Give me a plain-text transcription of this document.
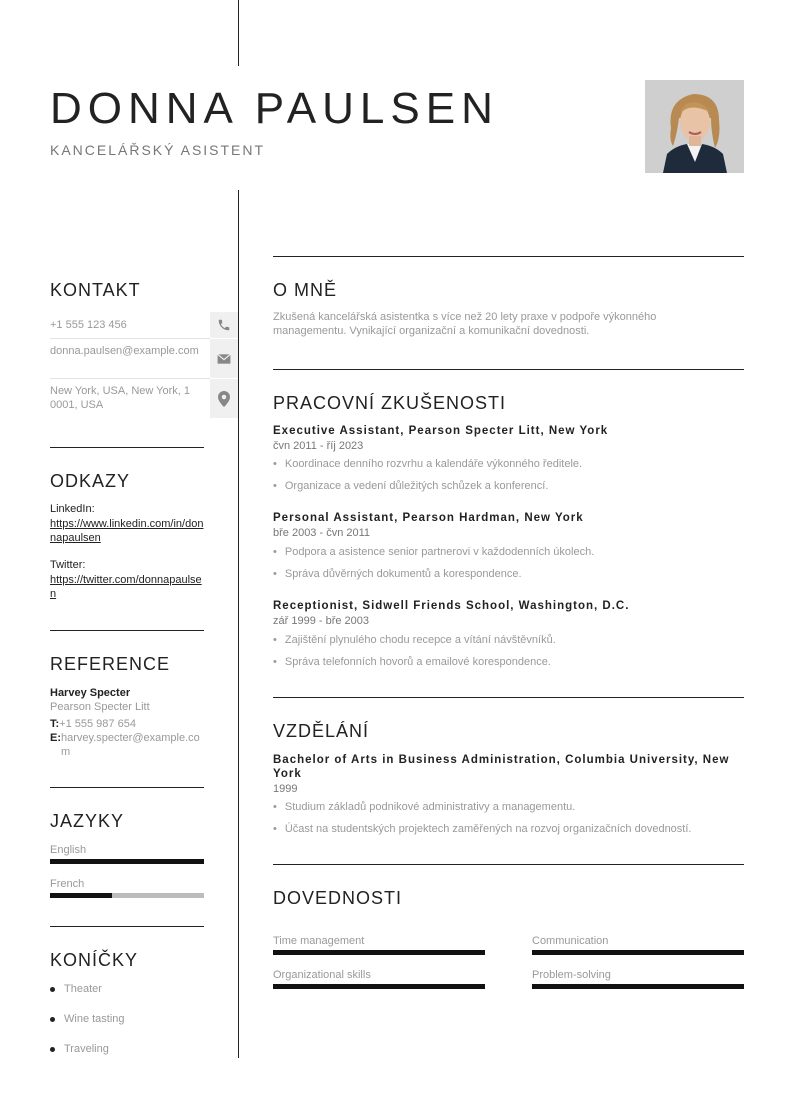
DONNA PAULSEN
KANCELÁŘSKÝ ASISTENT
KONTAKT
+1 555 123 456
donna.paulsen@example.com
New York, USA, New York, 10001, USA
ODKAZY
LinkedIn:
https://www.linkedin.com/in/donnapaulsen
Twitter:
https://twitter.com/donnapaulsen
REFERENCE
Harvey Specter
Pearson Specter Litt
T:+1 555 987 654
E: harvey.specter@example.com
JAZYKY
English
French
KONÍČKY
Theater
Wine tasting
Traveling
O MNĚ
Zkušená kancelářská asistentka s více než 20 lety praxe v podpoře výkonného managementu. Vynikající organizační a komunikační dovednosti.
PRACOVNÍ ZKUŠENOSTI
Executive Assistant, Pearson Specter Litt, New York
čvn 2011 - říj 2023
• Koordinace denního rozvrhu a kalendáře výkonného ředitele.
• Organizace a vedení důležitých schůzek a konferencí.
Personal Assistant, Pearson Hardman, New York
bře 2003 - čvn 2011
• Podpora a asistence senior partnerovi v každodenních úkolech.
• Správa důvěrných dokumentů a korespondence.
Receptionist, Sidwell Friends School, Washington, D.C.
zář 1999 - bře 2003
• Zajištění plynulého chodu recepce a vítání návštěvníků.
• Správa telefonních hovorů a emailové korespondence.
VZDĚLÁNÍ
Bachelor of Arts in Business Administration, Columbia University, New York
1999
• Studium základů podnikové administrativy a managementu.
• Účast na studentských projektech zaměřených na rozvoj organizačních dovedností.
DOVEDNOSTI
Time management	Communication
Organizational skills	Problem-solving
